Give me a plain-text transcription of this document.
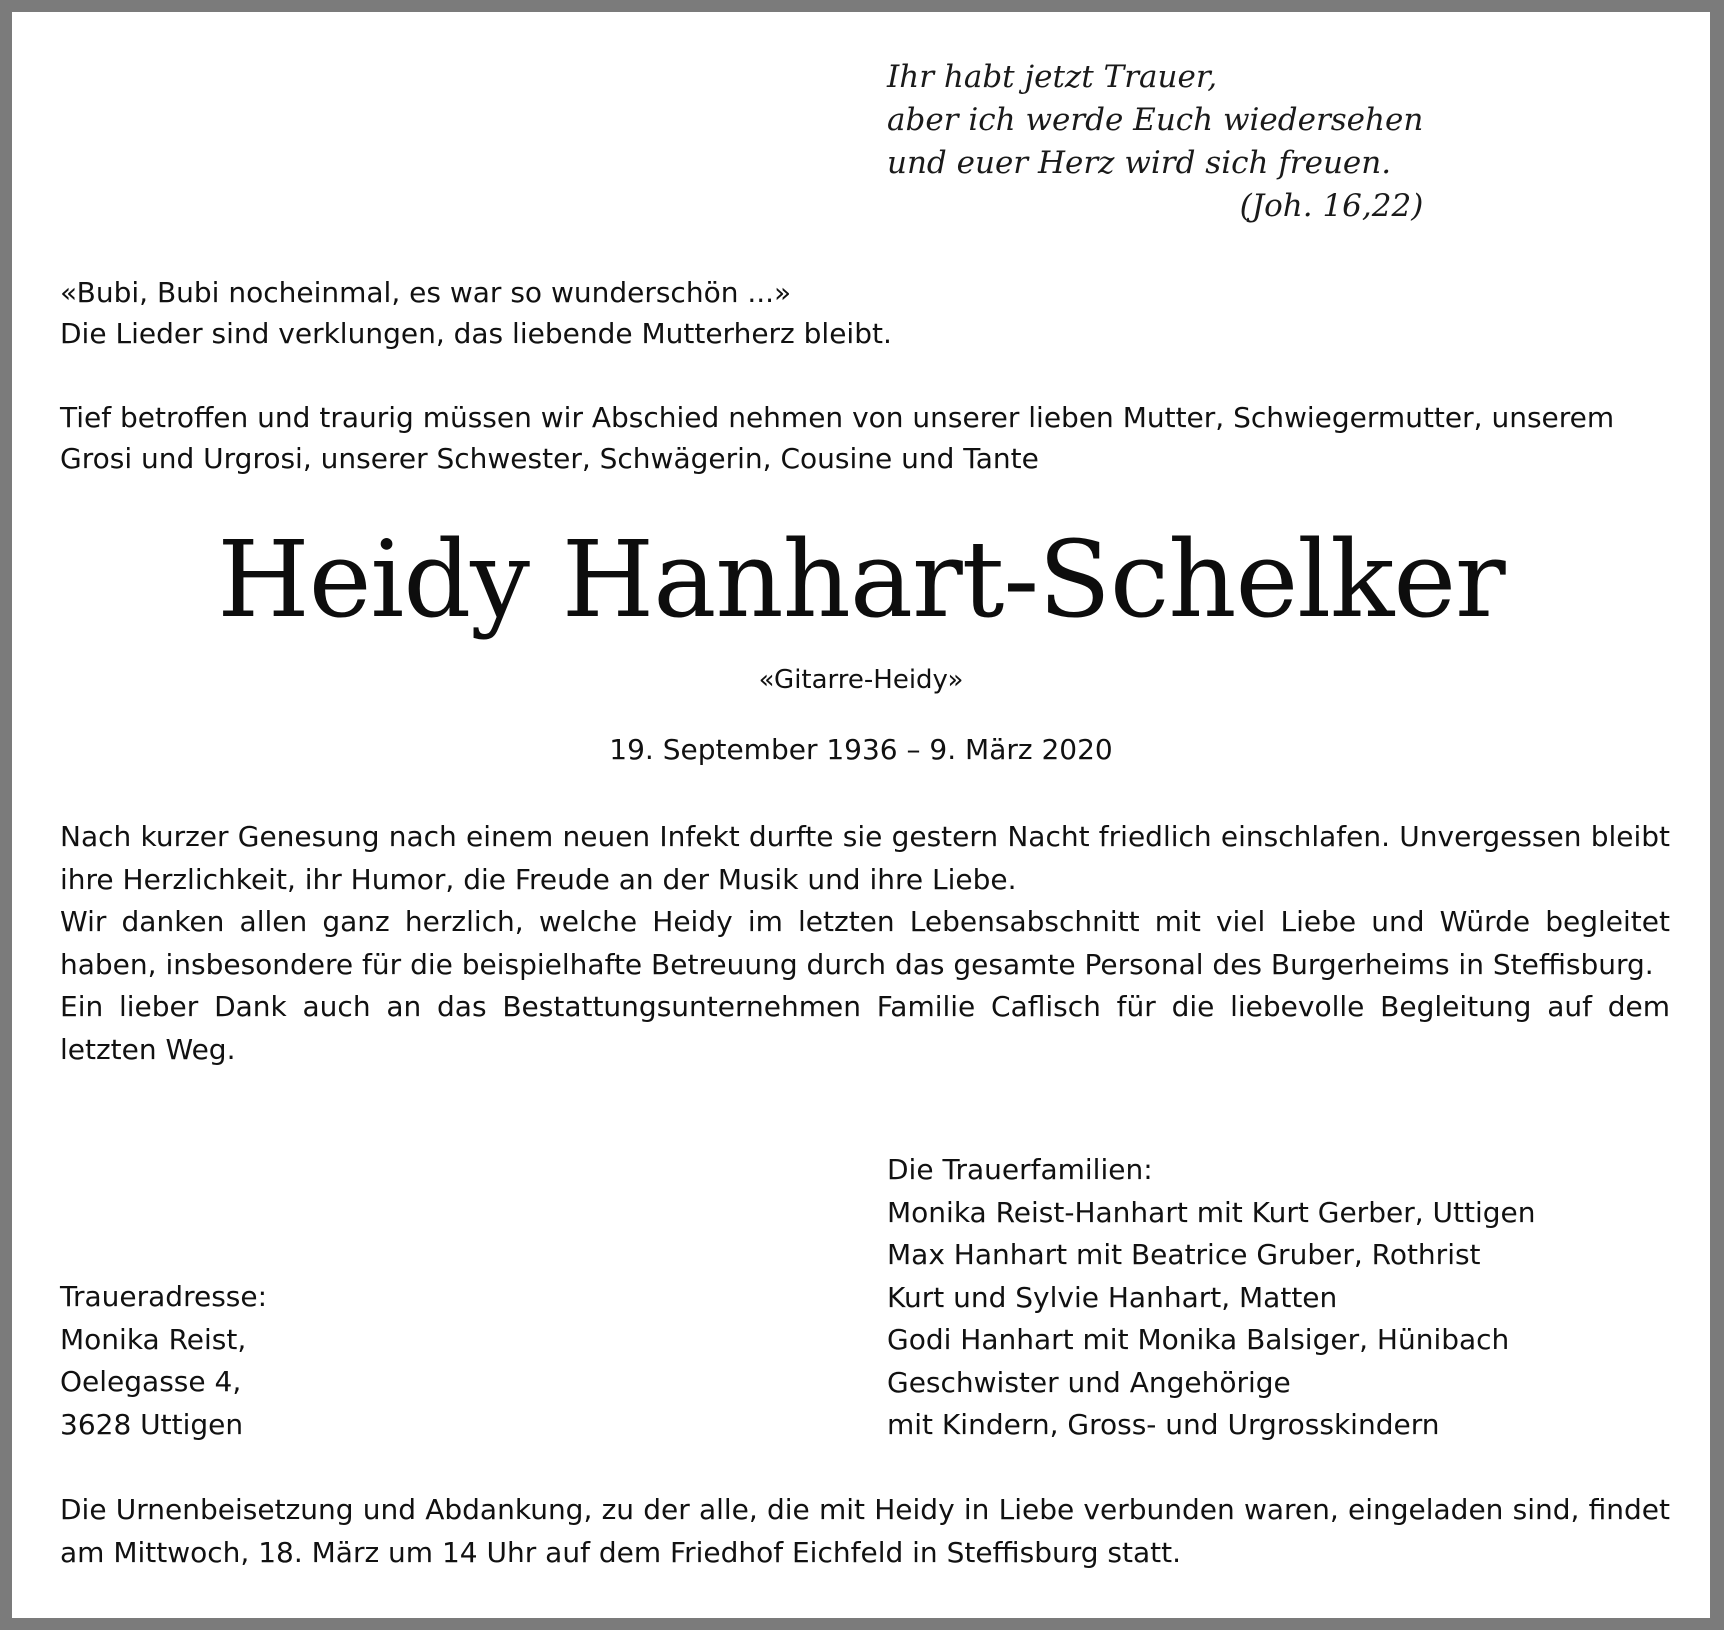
Ihr habt jetzt Trauer,
aber ich werde Euch wiedersehen
und euer Herz wird sich freuen.
(Joh. 16,22)
«Bubi, Bubi nocheinmal, es war so wunderschön ...»
Die Lieder sind verklungen, das liebende Mutterherz bleibt.
Tief betroffen und traurig müssen wir Abschied nehmen von unserer lieben Mutter, Schwiegermutter, unserem
Grosi und Urgrosi, unserer Schwester, Schwägerin, Cousine und Tante
Heidy Hanhart-Schelker
«Gitarre-Heidy»
19. September 1936 – 9. März 2020

Nach kurzer Genesung nach einem neuen Infekt durfte sie gestern Nacht friedlich einschlafen. Unvergessen bleibt ihre Herzlichkeit, ihr Humor, die Freude an der Musik und ihre Liebe.

Wir danken allen ganz herzlich, welche Heidy im letzten Lebensabschnitt mit viel Liebe und Würde begleitet haben, insbesondere für die beispielhafte Betreuung durch das gesamte Personal des Burgerheims in Steffisburg.

Ein lieber Dank auch an das Bestattungsunternehmen Familie Caflisch für die liebevolle Begleitung auf dem letzten Weg.

Die Trauerfamilien:
Monika Reist-Hanhart mit Kurt Gerber, Uttigen
Max Hanhart mit Beatrice Gruber, Rothrist
Kurt und Sylvie Hanhart, Matten
Godi Hanhart mit Monika Balsiger, Hünibach
Geschwister und Angehörige
mit Kindern, Gross- und Urgrosskindern
Traueradresse:
Monika Reist,
Oelegasse 4,
3628 Uttigen
Die Urnenbeisetzung und Abdankung, zu der alle, die mit Heidy in Liebe verbunden waren, eingeladen sind, findet am Mittwoch, 18. März um 14 Uhr auf dem Friedhof Eichfeld in Steffisburg statt.
